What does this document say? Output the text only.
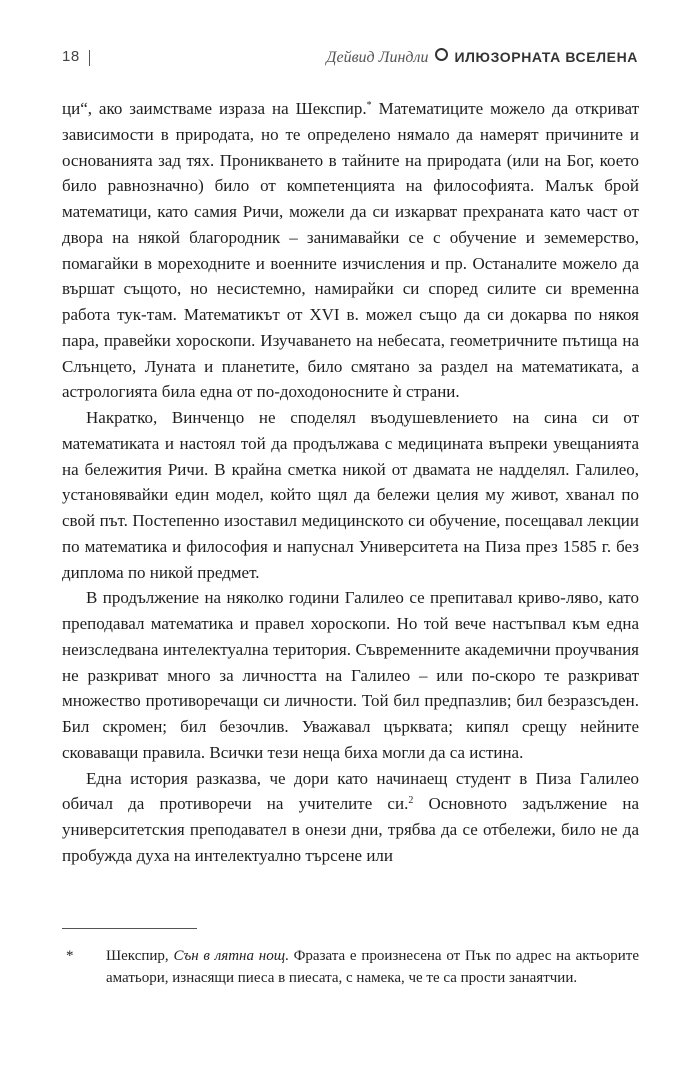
18	Дейвид Линдли ИЛЮЗОРНАТА ВСЕЛЕНА

ци“, ако заимстваме израза на Шекспир.* Математиците можело да откриват зависимости в природата, но те определено нямало да намерят причините и основанията зад тях. Проникването в тайните на природата (или на Бог, което било равнозначно) било от компетенцията на философията. Малък брой математици, като самия Ричи, можели да си изкарват прехраната като част от двора на някой благородник – занимавайки се с обучение и земемерство, помагайки в мореходните и военните изчисления и пр. Останалите можело да вършат същото, но несистемно, намирайки си според силите си временна работа тук-там. Математикът от XVI в. можел също да си докарва по някоя пара, правейки хороскопи. Изучаването на небесата, геометричните пътища на Слънцето, Луната и планетите, било смятано за раздел на математиката, а астрологията била една от по-доходоносните ѝ страни.

Накратко, Винченцо не споделял въодушевлението на сина си от математиката и настоял той да продължава с медицината въпреки увещанията на бележития Ричи. В крайна сметка никой от двамата не надделял. Галилео, установявайки един модел, който щял да бележи целия му живот, хванал по свой път. Постепенно изоставил медицинското си обучение, посещавал лекции по математика и философия и напуснал Университета на Пиза през 1585 г. без диплома по никой предмет.

В продължение на няколко години Галилео се препитавал криво-ляво, като преподавал математика и правел хороскопи. Но той вече настъпвал към една неизследвана интелектуална територия. Съвременните академични проучвания не разкриват много за личността на Галилео – или по-скоро те разкриват множество противоречащи си личности. Той бил предпазлив; бил безразсъден. Бил скромен; бил безочлив. Уважавал църквата; кипял срещу нейните сковаващи правила. Всички тези неща биха могли да са истина.

Една история разказва, че дори като начинаещ студент в Пиза Галилео обичал да противоречи на учителите си.$^2$ Основното задължение на университетския преподавател в онези дни, трябва да се отбележи, било не да пробужда духа на интелектуално търсене или

* Шекспир, Сън в лятна нощ. Фразата е произнесена от Пък по адрес на актьорите аматьори, изнасящи пиеса в пиесата, с намека, че те са прости занаятчии.
